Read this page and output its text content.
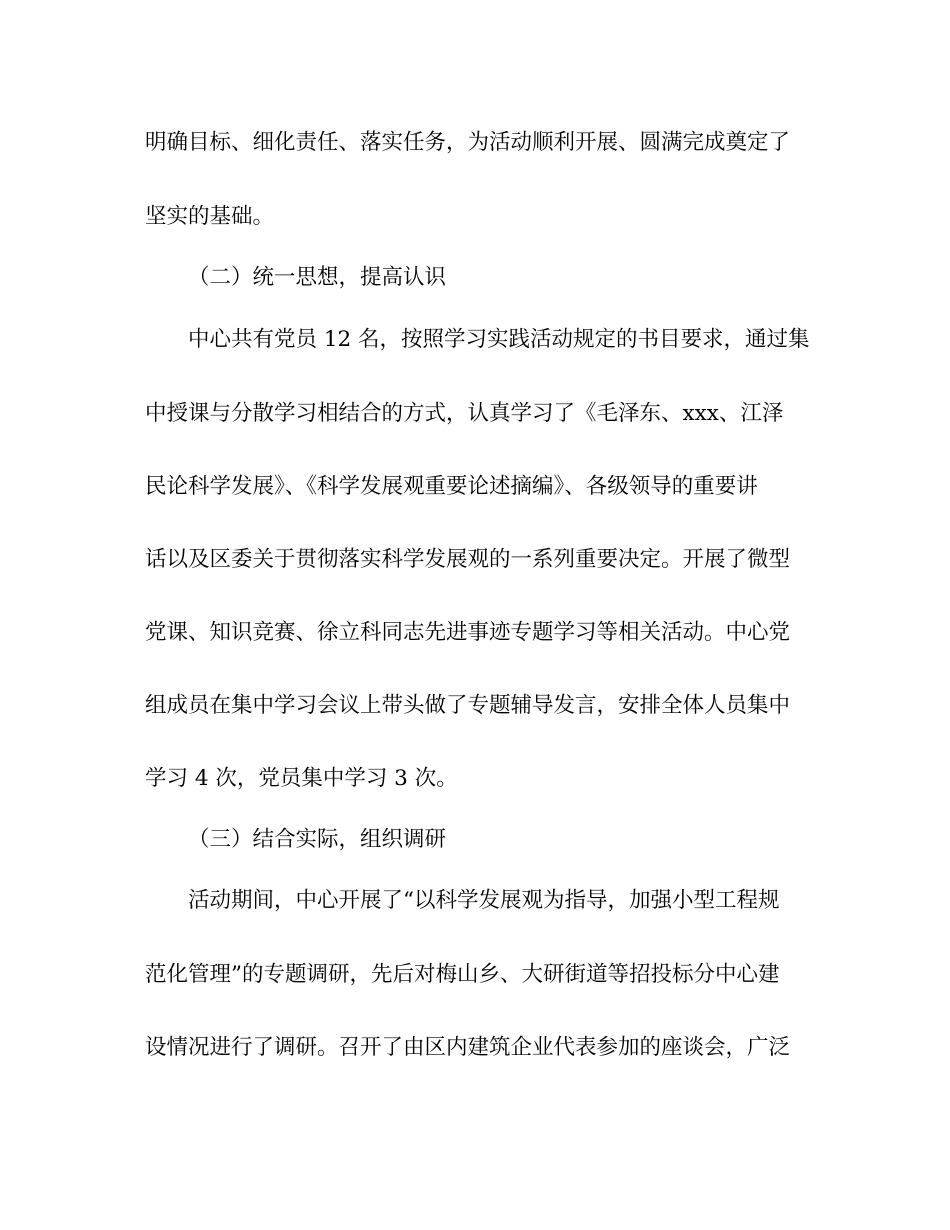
明确目标、细化责任、落实任务，为活动顺利开展、圆满完成奠定了
坚实的基础。
（二）统一思想，提高认识
中心共有党员 12 名，按照学习实践活动规定的书目要求，通过集
中授课与分散学习相结合的方式，认真学习了《毛泽东、xxx、江泽
民论科学发展》、《科学发展观重要论述摘编》、各级领导的重要讲
话以及区委关于贯彻落实科学发展观的一系列重要决定。开展了微型
党课、知识竞赛、徐立科同志先进事迹专题学习等相关活动。中心党
组成员在集中学习会议上带头做了专题辅导发言，安排全体人员集中
学习 4 次，党员集中学习 3 次。
（三）结合实际，组织调研
活动期间，中心开展了“以科学发展观为指导，加强小型工程规
范化管理”的专题调研，先后对梅山乡、大研街道等招投标分中心建
设情况进行了调研。召开了由区内建筑企业代表参加的座谈会，广泛
